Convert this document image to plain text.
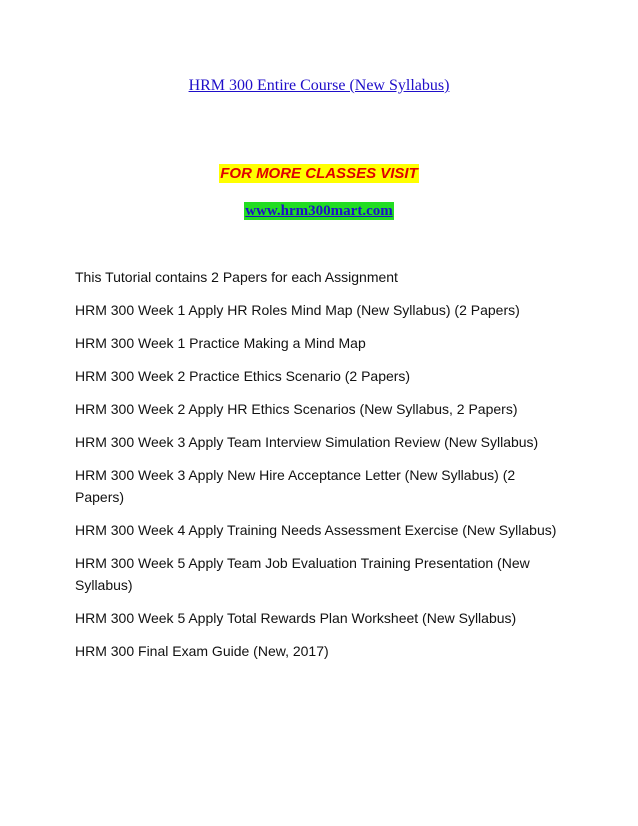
HRM 300 Entire Course (New Syllabus)
FOR MORE CLASSES VISIT
www.hrm300mart.com

This Tutorial contains 2 Papers for each Assignment

HRM 300 Week 1 Apply HR Roles Mind Map (New Syllabus) (2 Papers)

HRM 300 Week 1 Practice Making a Mind Map

HRM 300 Week 2 Practice Ethics Scenario (2 Papers)

HRM 300 Week 2 Apply HR Ethics Scenarios (New Syllabus, 2 Papers)

HRM 300 Week 3 Apply Team Interview Simulation Review (New Syllabus)

HRM 300 Week 3 Apply New Hire Acceptance Letter (New Syllabus) (2 Papers)

HRM 300 Week 4 Apply Training Needs Assessment Exercise (New Syllabus)

HRM 300 Week 5 Apply Team Job Evaluation Training Presentation (New Syllabus)

HRM 300 Week 5 Apply Total Rewards Plan Worksheet (New Syllabus)

HRM 300 Final Exam Guide (New, 2017)
